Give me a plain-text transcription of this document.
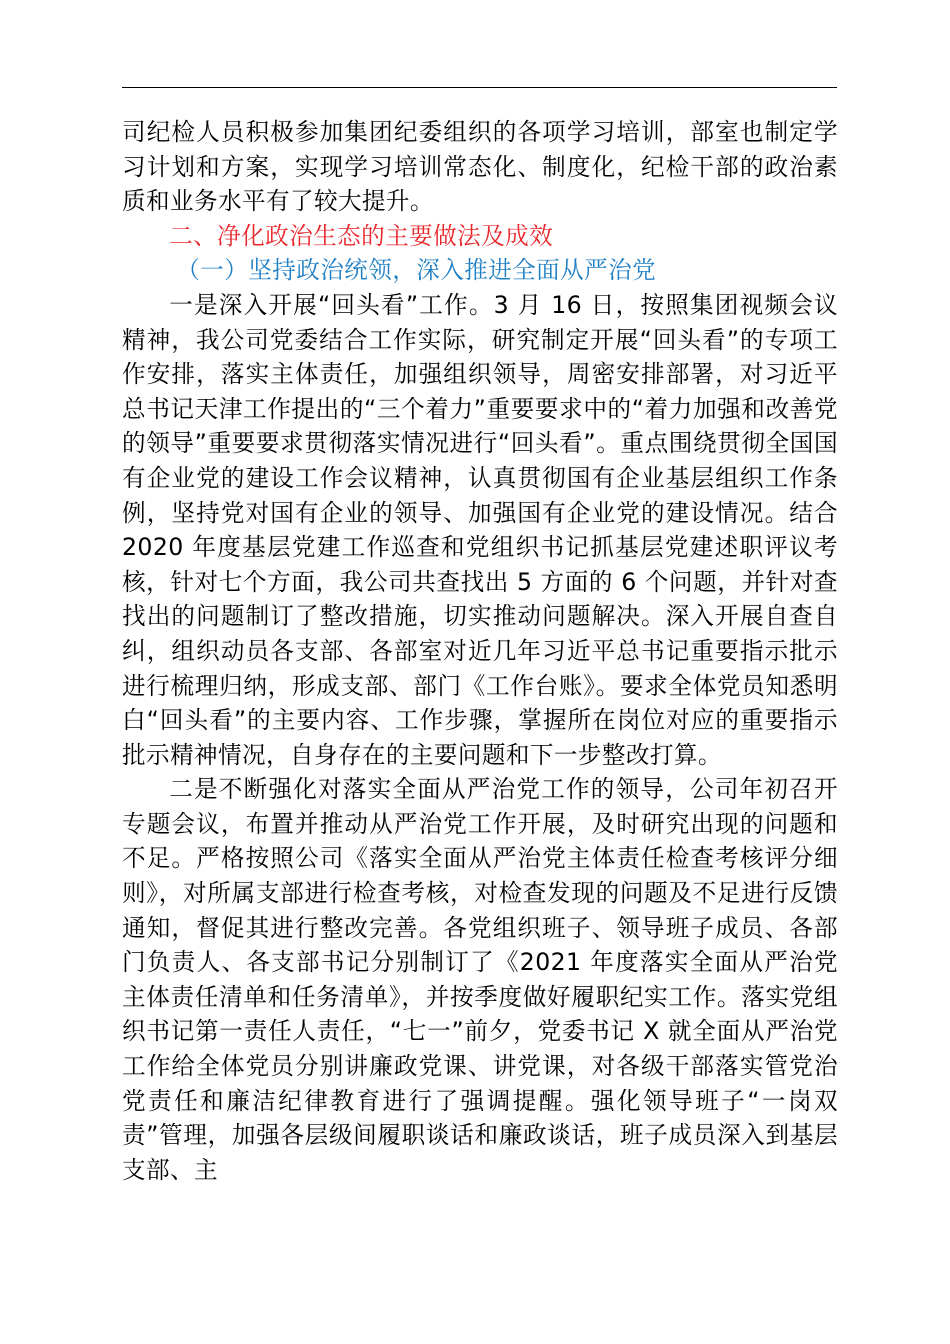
司纪检人员积极参加集团纪委组织的各项学习培训，部室也制定学习计划和方案，实现学习培训常态化、制度化，纪检干部的政治素质和业务水平有了较大提升。

二、净化政治生态的主要做法及成效

（一）坚持政治统领，深入推进全面从严治党

一是深入开展“回头看”工作。3 月 16 日，按照集团视频会议精神，我公司党委结合工作实际，研究制定开展“回头看”的专项工作安排，落实主体责任，加强组织领导，周密安排部署，对习近平总书记天津工作提出的“三个着力”重要要求中的“着力加强和改善党的领导”重要要求贯彻落实情况进行“回头看”。重点围绕贯彻全国国有企业党的建设工作会议精神，认真贯彻国有企业基层组织工作条例，坚持党对国有企业的领导、加强国有企业党的建设情况。结合 2020 年度基层党建工作巡查和党组织书记抓基层党建述职评议考核，针对七个方面，我公司共查找出 5 方面的 6 个问题，并针对查找出的问题制订了整改措施，切实推动问题解决。深入开展自查自纠，组织动员各支部、各部室对近几年习近平总书记重要指示批示进行梳理归纳，形成支部、部门《工作台账》。要求全体党员知悉明白“回头看”的主要内容、工作步骤，掌握所在岗位对应的重要指示批示精神情况，自身存在的主要问题和下一步整改打算。

二是不断强化对落实全面从严治党工作的领导，公司年初召开专题会议，布置并推动从严治党工作开展，及时研究出现的问题和不足。严格按照公司《落实全面从严治党主体责任检查考核评分细则》，对所属支部进行检查考核，对检查发现的问题及不足进行反馈通知，督促其进行整改完善。各党组织班子、领导班子成员、各部门负责人、各支部书记分别制订了《2021 年度落实全面从严治党主体责任清单和任务清单》，并按季度做好履职纪实工作。落实党组织书记第一责任人责任，“七一”前夕，党委书记 X 就全面从严治党工作给全体党员分别讲廉政党课、讲党课，对各级干部落实管党治党责任和廉洁纪律教育进行了强调提醒。强化领导班子“一岗双责”管理，加强各层级间履职谈话和廉政谈话，班子成员深入到基层支部、主
